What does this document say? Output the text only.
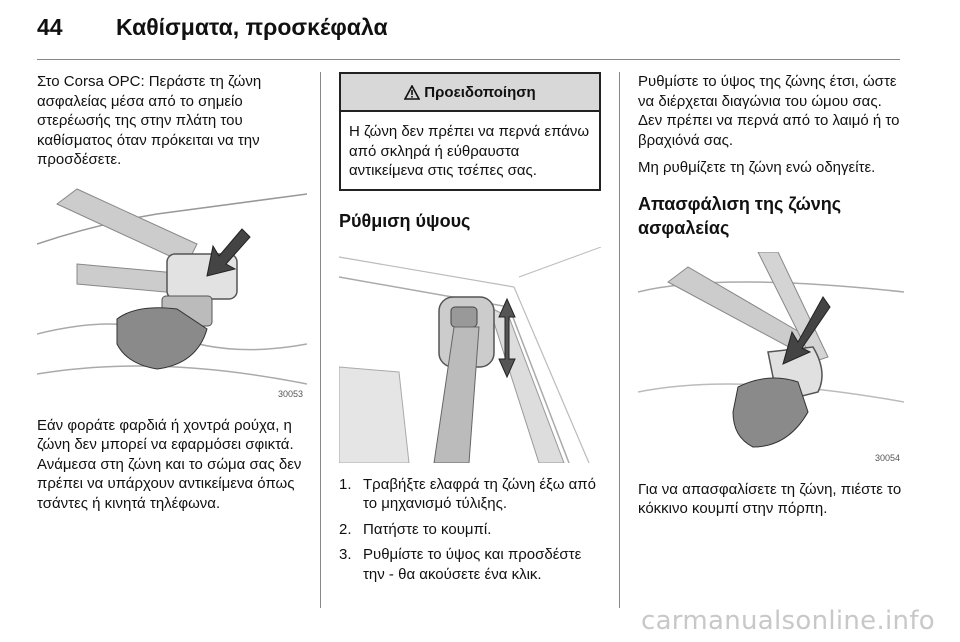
44 Καθίσματα, προσκέφαλα

Στο Corsa OPC: Περάστε τη ζώνη ασφαλείας μέσα από το σημείο στερέωσής της στην πλάτη του καθίσματος όταν πρόκειται να την προσδέσετε.

30053

Εάν φοράτε φαρδιά ή χοντρά ρούχα, η ζώνη δεν μπορεί να εφαρμόσει σφικτά. Ανάμεσα στη ζώνη και το σώμα σας δεν πρέπει να υπάρχουν αντικείμενα όπως τσάντες ή κινητά τηλέφωνα.

Προειδοποίηση
Η ζώνη δεν πρέπει να περνά επάνω από σκληρά ή εύθραυστα αντικείμενα στις τσέπες σας.
Ρύθμιση ύψους
1. Τραβήξτε ελαφρά τη ζώνη έξω από το μηχανισμό τύλιξης.
2. Πατήστε το κουμπί.
3. Ρυθμίστε το ύψος και προσδέστε την - θα ακούσετε ένα κλικ.

Ρυθμίστε το ύψος της ζώνης έτσι, ώστε να διέρχεται διαγώνια του ώμου σας. Δεν πρέπει να περνά από το λαιμό ή το βραχιόνά σας.

Μη ρυθμίζετε τη ζώνη ενώ οδηγείτε.

Απασφάλιση της ζώνης ασφαλείας
30054

Για να απασφαλίσετε τη ζώνη, πιέστε το κόκκινο κουμπί στην πόρπη.

carmanualsonline.info
